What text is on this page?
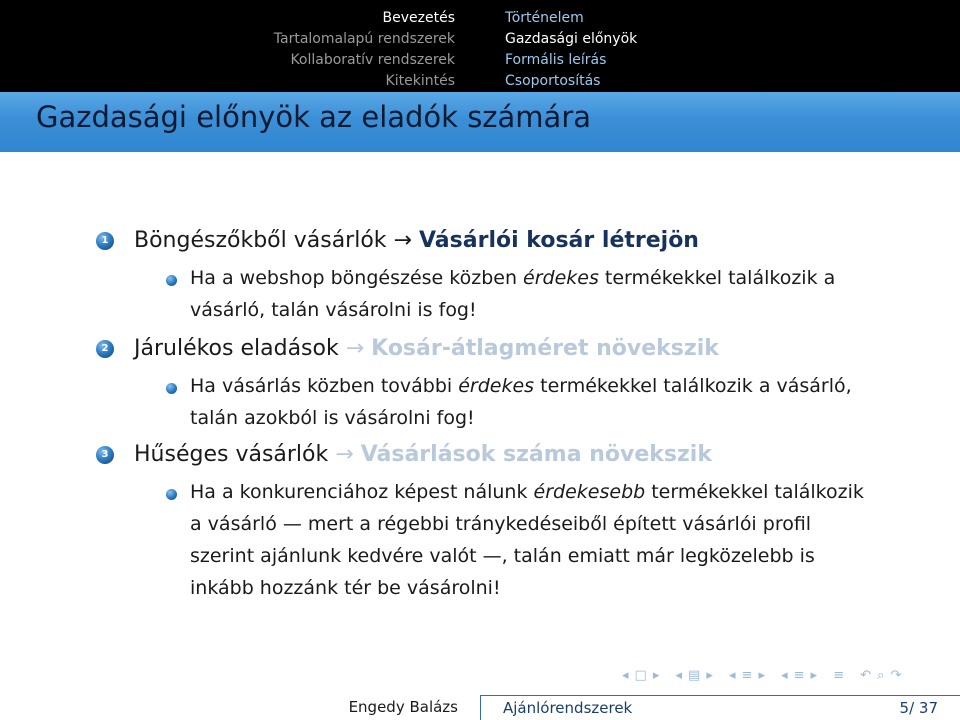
Bevezetés
Tartalomalapú rendszerek
Kollaboratív rendszerek
Kitekintés
Történelem
Gazdasági előnyök
Formális leírás
Csoportosítás
Gazdasági előnyök az eladók számára
1 Böngészőkből vásárlók → Vásárlói kosár létrejön
Ha a webshop böngészése közben érdekes termékekkel találkozik a vásárló, talán vásárolni is fog!
2 Járulékos eladások → Kosár-átlagméret növekszik
Ha vásárlás közben további érdekes termékekkel találkozik a vásárló, talán azokból is vásárolni fog!
3 Hűséges vásárlók → Vásárlások száma növekszik
Ha a konkurenciához képest nálunk érdekesebb termékekkel találkozik a vásárló — mert a régebbi tránykedéseiből épített vásárlói profil szerint ajánlunk kedvére valót —, talán emiatt már legközelebb is inkább hozzánk tér be vásárolni!
◂□▸ ◂▤▸ ◂≡▸ ◂≡▸ ≡ ↶⌕↷
Engedy Balázs	Ajánlórendszerek	5/ 37
